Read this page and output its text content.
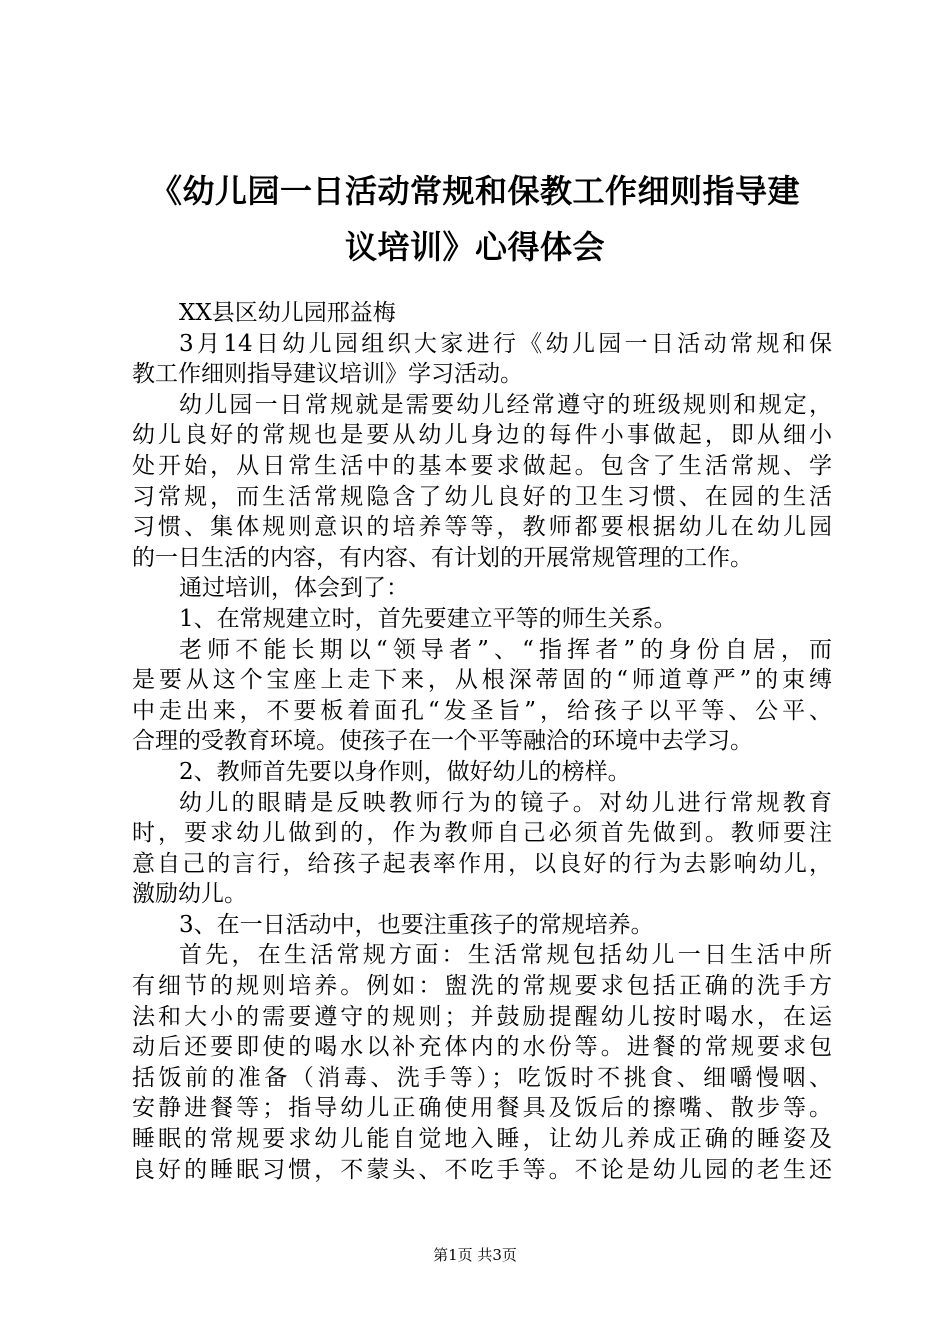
《幼儿园一日活动常规和保教工作细则指导建
议培训》心得体会
XX县区幼儿园邢益梅
3月14日幼儿园组织大家进行《幼儿园一日活动常规和保
教工作细则指导建议培训》学习活动。
幼儿园一日常规就是需要幼儿经常遵守的班级规则和规定，
幼儿良好的常规也是要从幼儿身边的每件小事做起，即从细小
处开始，从日常生活中的基本要求做起。包含了生活常规、学
习常规，而生活常规隐含了幼儿良好的卫生习惯、在园的生活
习惯、集体规则意识的培养等等，教师都要根据幼儿在幼儿园
的一日生活的内容，有内容、有计划的开展常规管理的工作。
通过培训，体会到了：
1、在常规建立时，首先要建立平等的师生关系。
老师不能长期以“领导者”、“指挥者”的身份自居，而
是要从这个宝座上走下来，从根深蒂固的“师道尊严”的束缚
中走出来，不要板着面孔“发圣旨”，给孩子以平等、公平、
合理的受教育环境。使孩子在一个平等融洽的环境中去学习。
2、教师首先要以身作则，做好幼儿的榜样。
幼儿的眼睛是反映教师行为的镜子。对幼儿进行常规教育
时，要求幼儿做到的，作为教师自己必须首先做到。教师要注
意自己的言行，给孩子起表率作用，以良好的行为去影响幼儿，
激励幼儿。
3、在一日活动中，也要注重孩子的常规培养。
首先，在生活常规方面：生活常规包括幼儿一日生活中所
有细节的规则培养。例如：盥洗的常规要求包括正确的洗手方
法和大小的需要遵守的规则；并鼓励提醒幼儿按时喝水，在运
动后还要即使的喝水以补充体内的水份等。进餐的常规要求包
括饭前的准备（消毒、洗手等）；吃饭时不挑食、细嚼慢咽、
安静进餐等；指导幼儿正确使用餐具及饭后的擦嘴、散步等。
睡眠的常规要求幼儿能自觉地入睡，让幼儿养成正确的睡姿及
良好的睡眠习惯，不蒙头、不吃手等。不论是幼儿园的老生还
第1页 共3页
